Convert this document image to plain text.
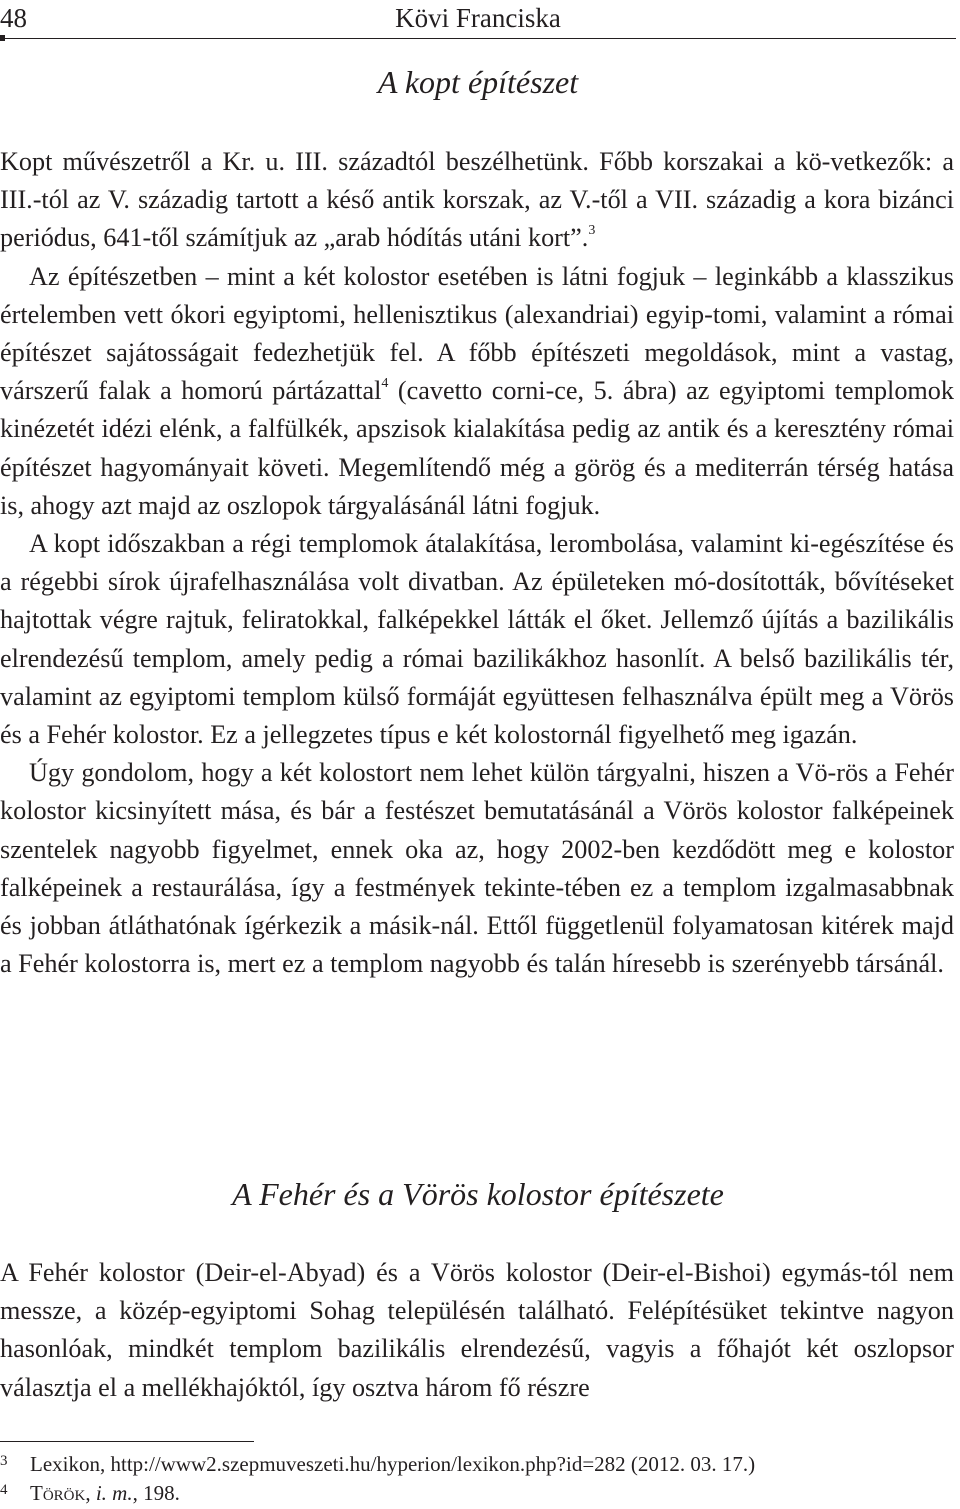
48	Kövi Franciska
A kopt építészet

Kopt művészetről a Kr. u. III. századtól beszélhetünk. Főbb korszakai a kö-vetkezők: a III.-tól az V. századig tartott a késő antik korszak, az V.-től a VII. századig a kora bizánci periódus, 641-től számítjuk az „arab hódítás utáni kort”.$^3$

Az építészetben – mint a két kolostor esetében is látni fogjuk – leginkább a klasszikus értelemben vett ókori egyiptomi, hellenisztikus (alexandriai) egyip-tomi, valamint a római építészet sajátosságait fedezhetjük fel. A főbb építészeti megoldások, mint a vastag, várszerű falak a homorú pártázattal$^4$ (cavetto corni-ce, 5. ábra) az egyiptomi templomok kinézetét idézi elénk, a falfülkék, apszisok kialakítása pedig az antik és a keresztény római építészet hagyományait követi. Megemlítendő még a görög és a mediterrán térség hatása is, ahogy azt majd az oszlopok tárgyalásánál látni fogjuk.

A kopt időszakban a régi templomok átalakítása, lerombolása, valamint ki-egészítése és a régebbi sírok újrafelhasználása volt divatban. Az épületeken mó-dosították, bővítéseket hajtottak végre rajtuk, feliratokkal, falképekkel látták el őket. Jellemző újítás a bazilikális elrendezésű templom, amely pedig a római bazilikákhoz hasonlít. A belső bazilikális tér, valamint az egyiptomi templom külső formáját együttesen felhasználva épült meg a Vörös és a Fehér kolostor. Ez a jellegzetes típus e két kolostornál figyelhető meg igazán.

Úgy gondolom, hogy a két kolostort nem lehet külön tárgyalni, hiszen a Vö-rös a Fehér kolostor kicsinyített mása, és bár a festészet bemutatásánál a Vörös kolostor falképeinek szentelek nagyobb figyelmet, ennek oka az, hogy 2002-ben kezdődött meg e kolostor falképeinek a restaurálása, így a festmények tekinte-tében ez a templom izgalmasabbnak és jobban átláthatónak ígérkezik a másik-nál. Ettől függetlenül folyamatosan kitérek majd a Fehér kolostorra is, mert ez a templom nagyobb és talán híresebb is szerényebb társánál.

A Fehér és a Vörös kolostor építészete

A Fehér kolostor (Deir-el-Abyad) és a Vörös kolostor (Deir-el-Bishoi) egymás-tól nem messze, a közép-egyiptomi Sohag településén található. Felépítésüket tekintve nagyon hasonlóak, mindkét templom bazilikális elrendezésű, vagyis a főhajót két oszlopsor választja el a mellékhajóktól, így osztva három fő részre

3 Lexikon, http://www2.szepmuveszeti.hu/hyperion/lexikon.php?id=282 (2012. 03. 17.)
4 Török, i. m., 198.
